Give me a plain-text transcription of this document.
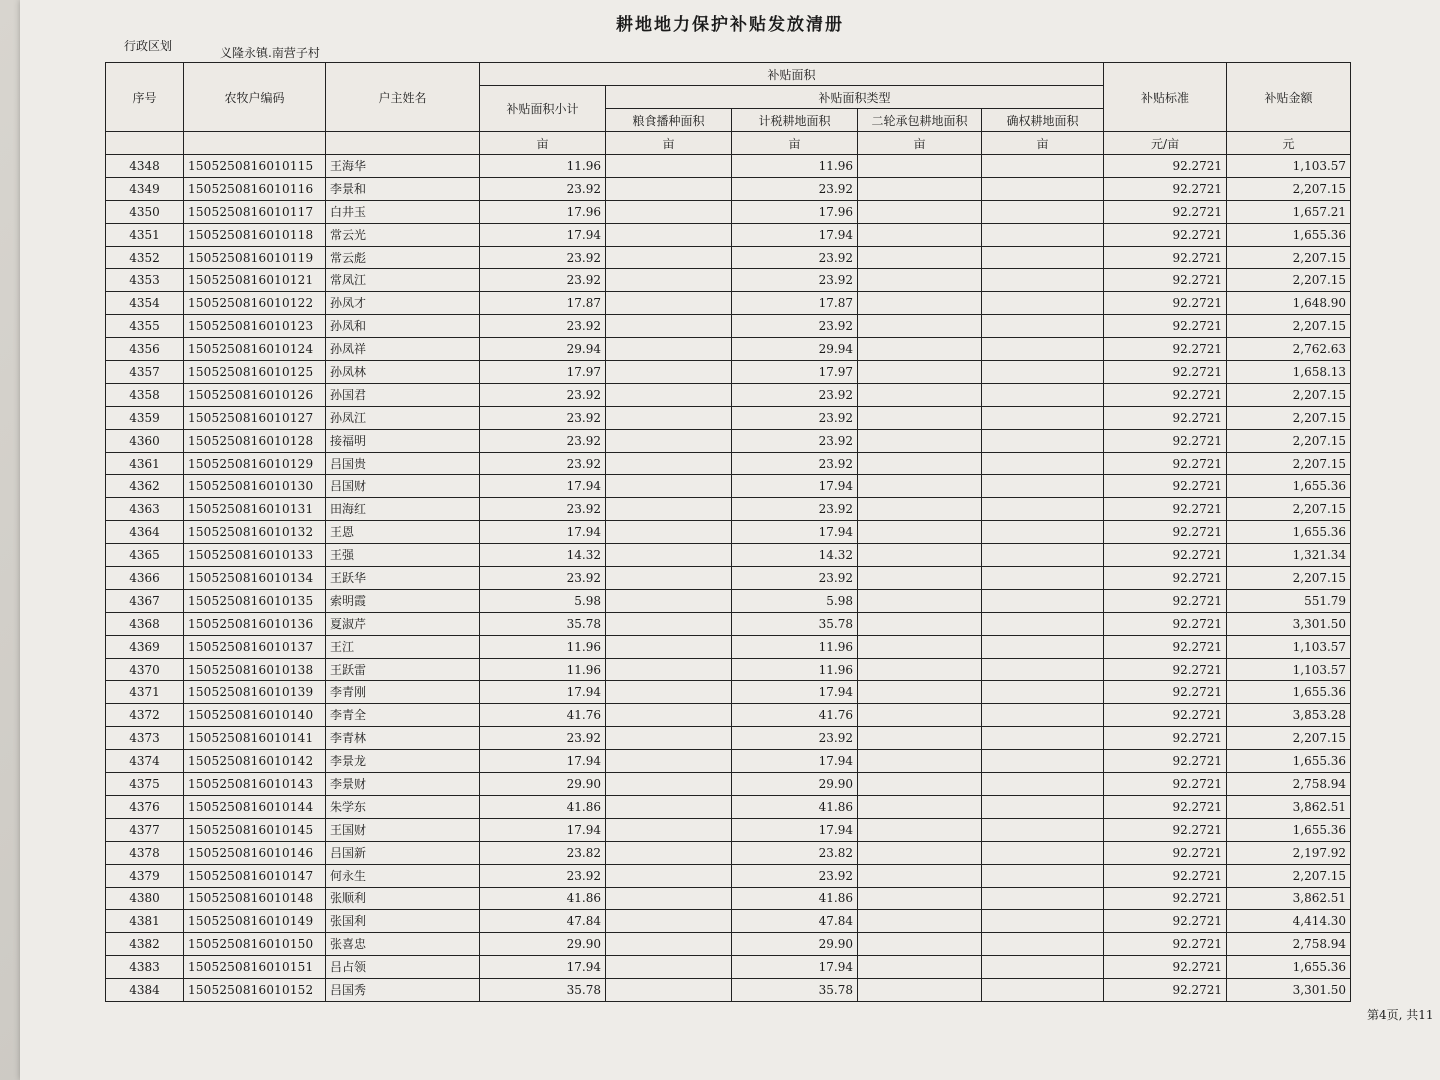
耕地地力保护补贴发放清册
行政区划	义隆永镇.南营子村
序号	农牧户编码	户主姓名	补贴面积					补贴标准	补贴金额
			补贴面积小计	补贴面积类型					
				粮食播种面积	计税耕地面积	二轮承包耕地面积	确权耕地面积		
			亩	亩	亩	亩	亩	元/亩	元
4348	1505250816010115	王海华	11.96		11.96			92.2721	1,103.57
4349	1505250816010116	李景和	23.92		23.92			92.2721	2,207.15
4350	1505250816010117	白井玉	17.96		17.96			92.2721	1,657.21
4351	1505250816010118	常云光	17.94		17.94			92.2721	1,655.36
4352	1505250816010119	常云彪	23.92		23.92			92.2721	2,207.15
4353	1505250816010121	常凤江	23.92		23.92			92.2721	2,207.15
4354	1505250816010122	孙凤才	17.87		17.87			92.2721	1,648.90
4355	1505250816010123	孙凤和	23.92		23.92			92.2721	2,207.15
4356	1505250816010124	孙凤祥	29.94		29.94			92.2721	2,762.63
4357	1505250816010125	孙凤林	17.97		17.97			92.2721	1,658.13
4358	1505250816010126	孙国君	23.92		23.92			92.2721	2,207.15
4359	1505250816010127	孙凤江	23.92		23.92			92.2721	2,207.15
4360	1505250816010128	接福明	23.92		23.92			92.2721	2,207.15
4361	1505250816010129	吕国贵	23.92		23.92			92.2721	2,207.15
4362	1505250816010130	吕国财	17.94		17.94			92.2721	1,655.36
4363	1505250816010131	田海红	23.92		23.92			92.2721	2,207.15
4364	1505250816010132	王恩	17.94		17.94			92.2721	1,655.36
4365	1505250816010133	王强	14.32		14.32			92.2721	1,321.34
4366	1505250816010134	王跃华	23.92		23.92			92.2721	2,207.15
4367	1505250816010135	索明霞	5.98		5.98			92.2721	551.79
4368	1505250816010136	夏淑芹	35.78		35.78			92.2721	3,301.50
4369	1505250816010137	王江	11.96		11.96			92.2721	1,103.57
4370	1505250816010138	王跃雷	11.96		11.96			92.2721	1,103.57
4371	1505250816010139	李青刚	17.94		17.94			92.2721	1,655.36
4372	1505250816010140	李青全	41.76		41.76			92.2721	3,853.28
4373	1505250816010141	李青林	23.92		23.92			92.2721	2,207.15
4374	1505250816010142	李景龙	17.94		17.94			92.2721	1,655.36
4375	1505250816010143	李景财	29.90		29.90			92.2721	2,758.94
4376	1505250816010144	朱学东	41.86		41.86			92.2721	3,862.51
4377	1505250816010145	王国财	17.94		17.94			92.2721	1,655.36
4378	1505250816010146	吕国新	23.82		23.82			92.2721	2,197.92
4379	1505250816010147	何永生	23.92		23.92			92.2721	2,207.15
4380	1505250816010148	张顺利	41.86		41.86			92.2721	3,862.51
4381	1505250816010149	张国利	47.84		47.84			92.2721	4,414.30
4382	1505250816010150	张喜忠	29.90		29.90			92.2721	2,758.94
4383	1505250816010151	吕占领	17.94		17.94			92.2721	1,655.36
4384	1505250816010152	吕国秀	35.78		35.78			92.2721	3,301.50
第4页, 共11
